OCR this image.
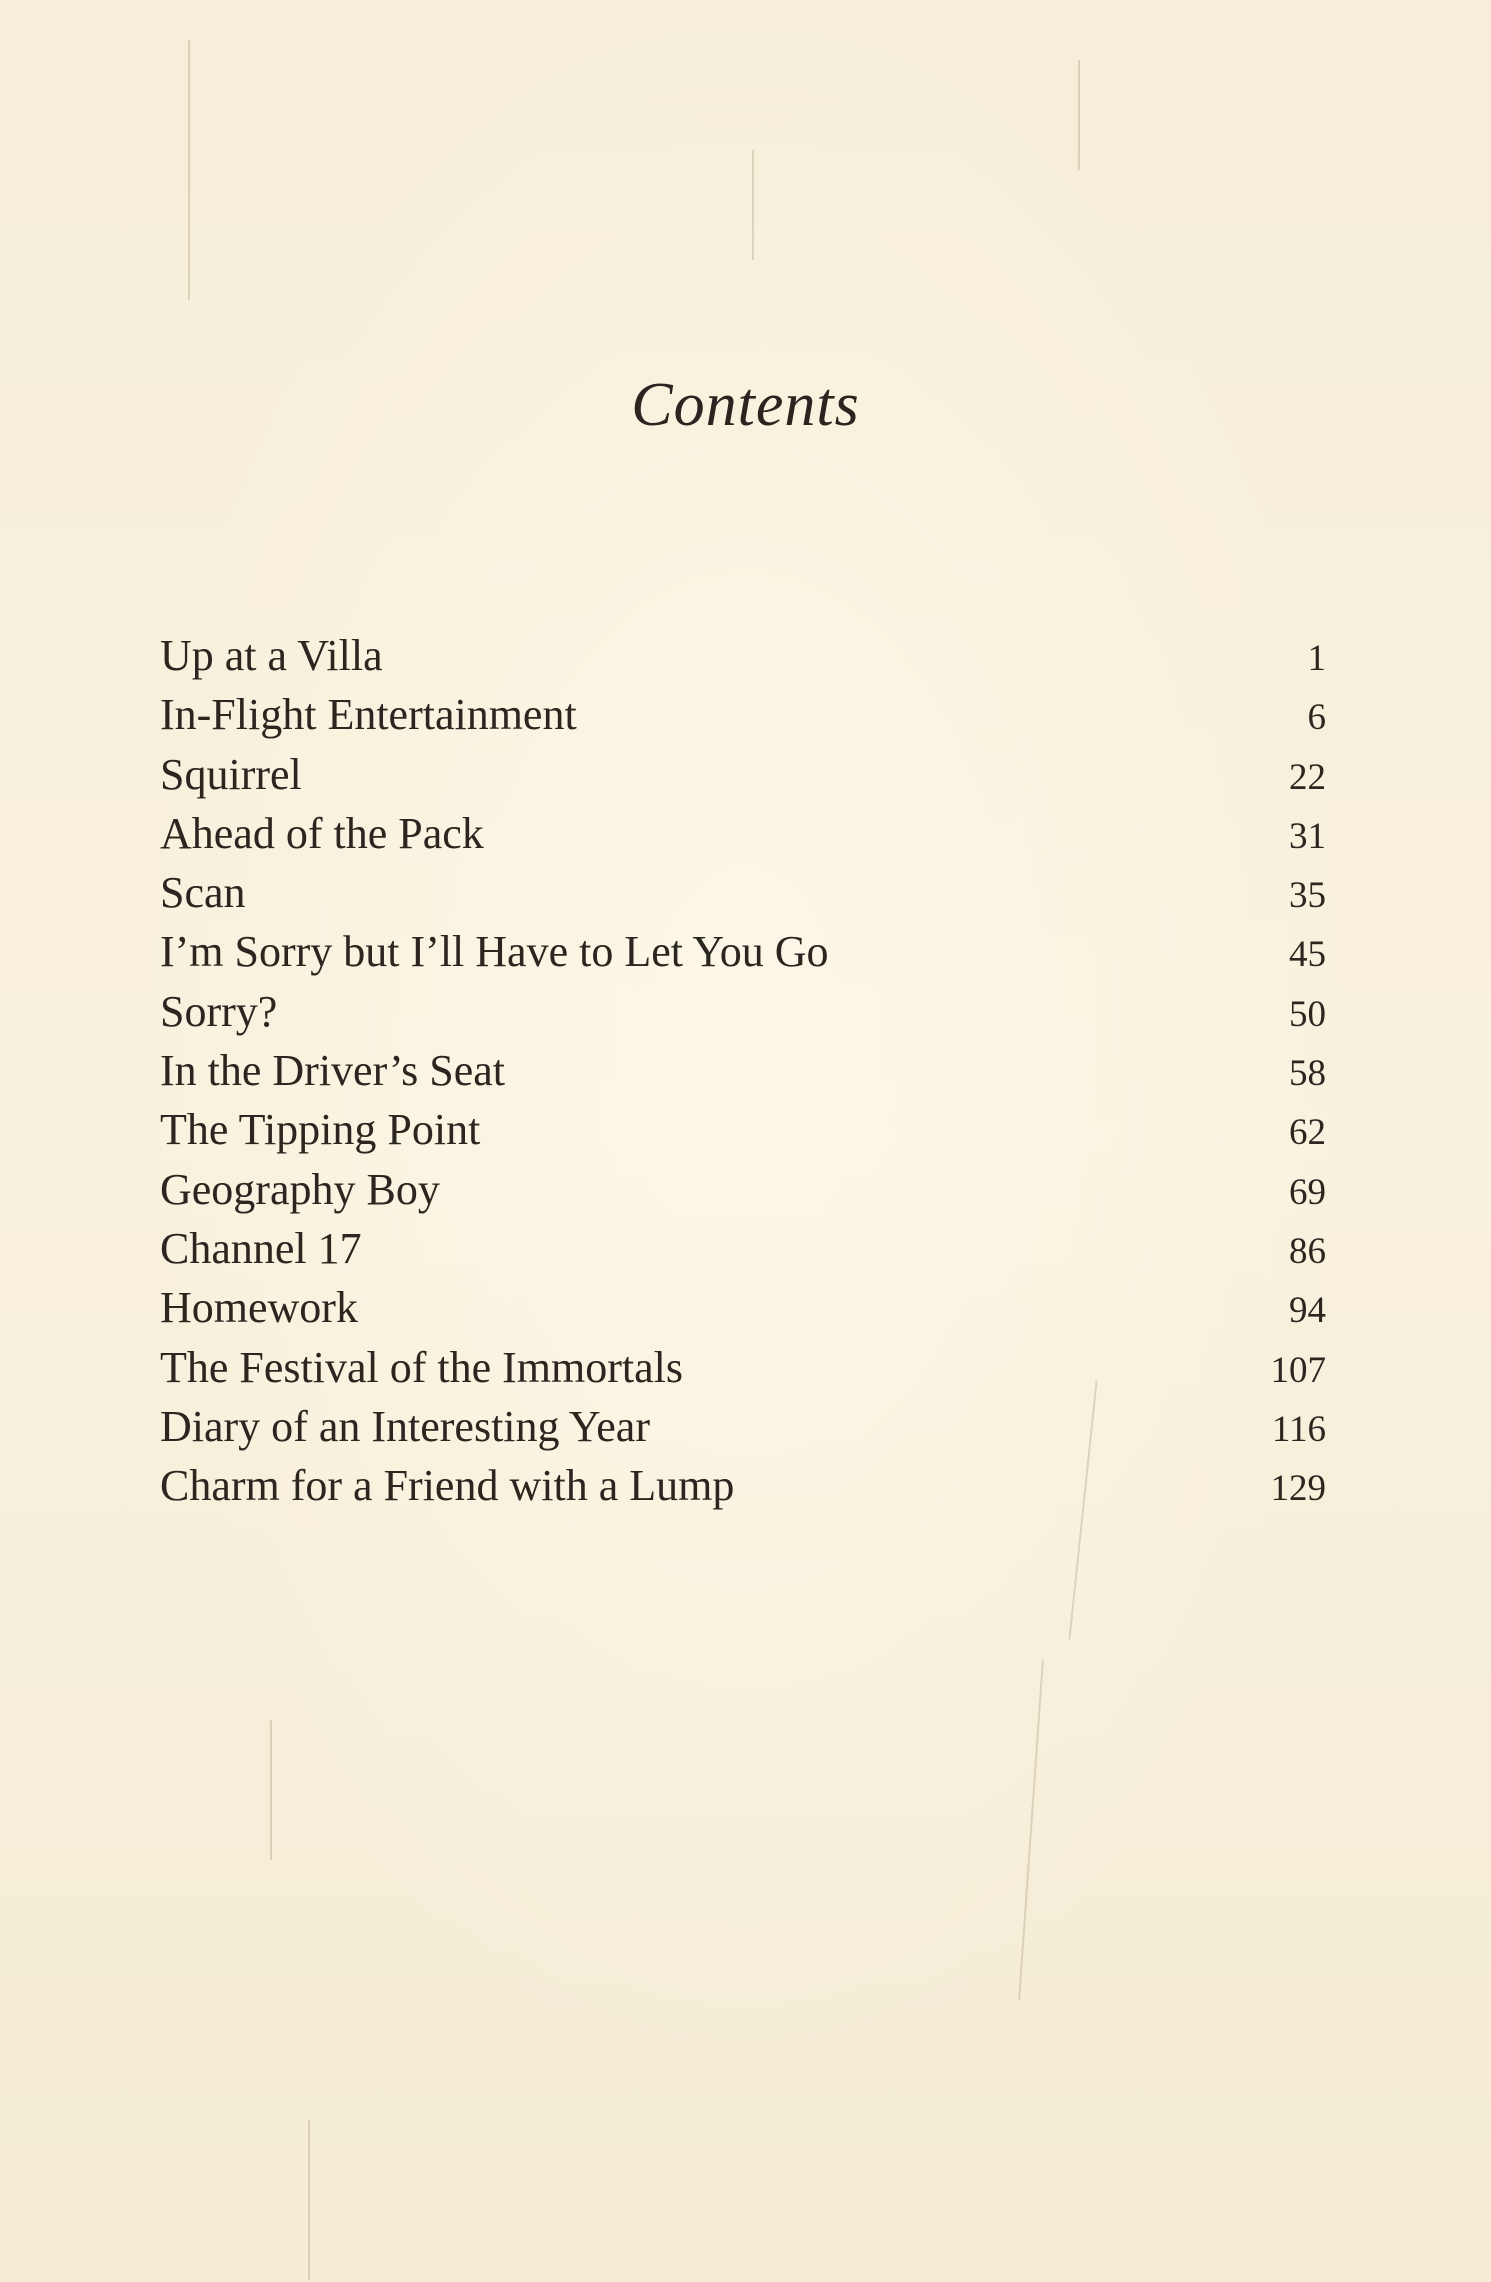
Contents
Up at a Villa	1
In-Flight Entertainment	6
Squirrel	22
Ahead of the Pack	31
Scan	35
I’m Sorry but I’ll Have to Let You Go	45
Sorry?	50
In the Driver’s Seat	58
The Tipping Point	62
Geography Boy	69
Channel 17	86
Homework	94
The Festival of the Immortals	107
Diary of an Interesting Year	116
Charm for a Friend with a Lump	129
